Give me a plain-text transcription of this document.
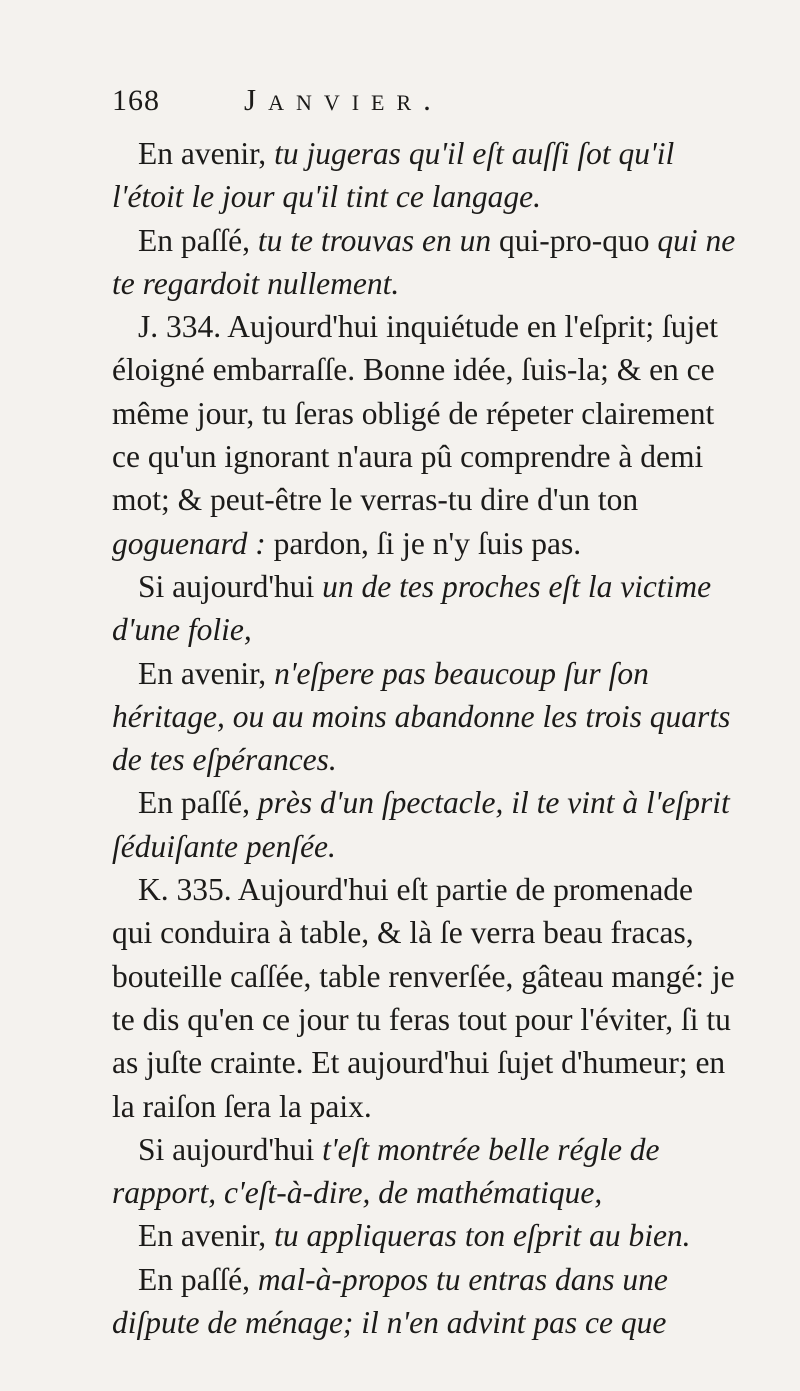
168	Janvier.

En avenir, tu jugeras qu'il eſt auſſi ſot qu'il l'étoit le jour qu'il tint ce langage.

En paſſé, tu te trouvas en un qui-pro-quo qui ne te regardoit nullement.

J. 334. Aujourd'hui inquiétude en l'eſprit; ſujet éloigné embarraſſe. Bonne idée, ſuis-la; & en ce même jour, tu ſeras obligé de répeter clairement ce qu'un ignorant n'aura pû comprendre à demi mot; & peut-être le verras-tu dire d'un ton goguenard : pardon, ſi je n'y ſuis pas.

Si aujourd'hui un de tes proches eſt la victime d'une folie,

En avenir, n'eſpere pas beaucoup ſur ſon héritage, ou au moins abandonne les trois quarts de tes eſpérances.

En paſſé, près d'un ſpectacle, il te vint à l'eſprit ſéduiſante penſée.

K. 335. Aujourd'hui eſt partie de promenade qui conduira à table, & là ſe verra beau fracas, bouteille caſſée, table renverſée, gâteau mangé: je te dis qu'en ce jour tu feras tout pour l'éviter, ſi tu as juſte crainte. Et aujourd'hui ſujet d'humeur; en la raiſon ſera la paix.

Si aujourd'hui t'eſt montrée belle régle de rapport, c'eſt-à-dire, de mathématique,

En avenir, tu appliqueras ton eſprit au bien.

En paſſé, mal-à-propos tu entras dans une diſpute de ménage; il n'en advint pas ce que
